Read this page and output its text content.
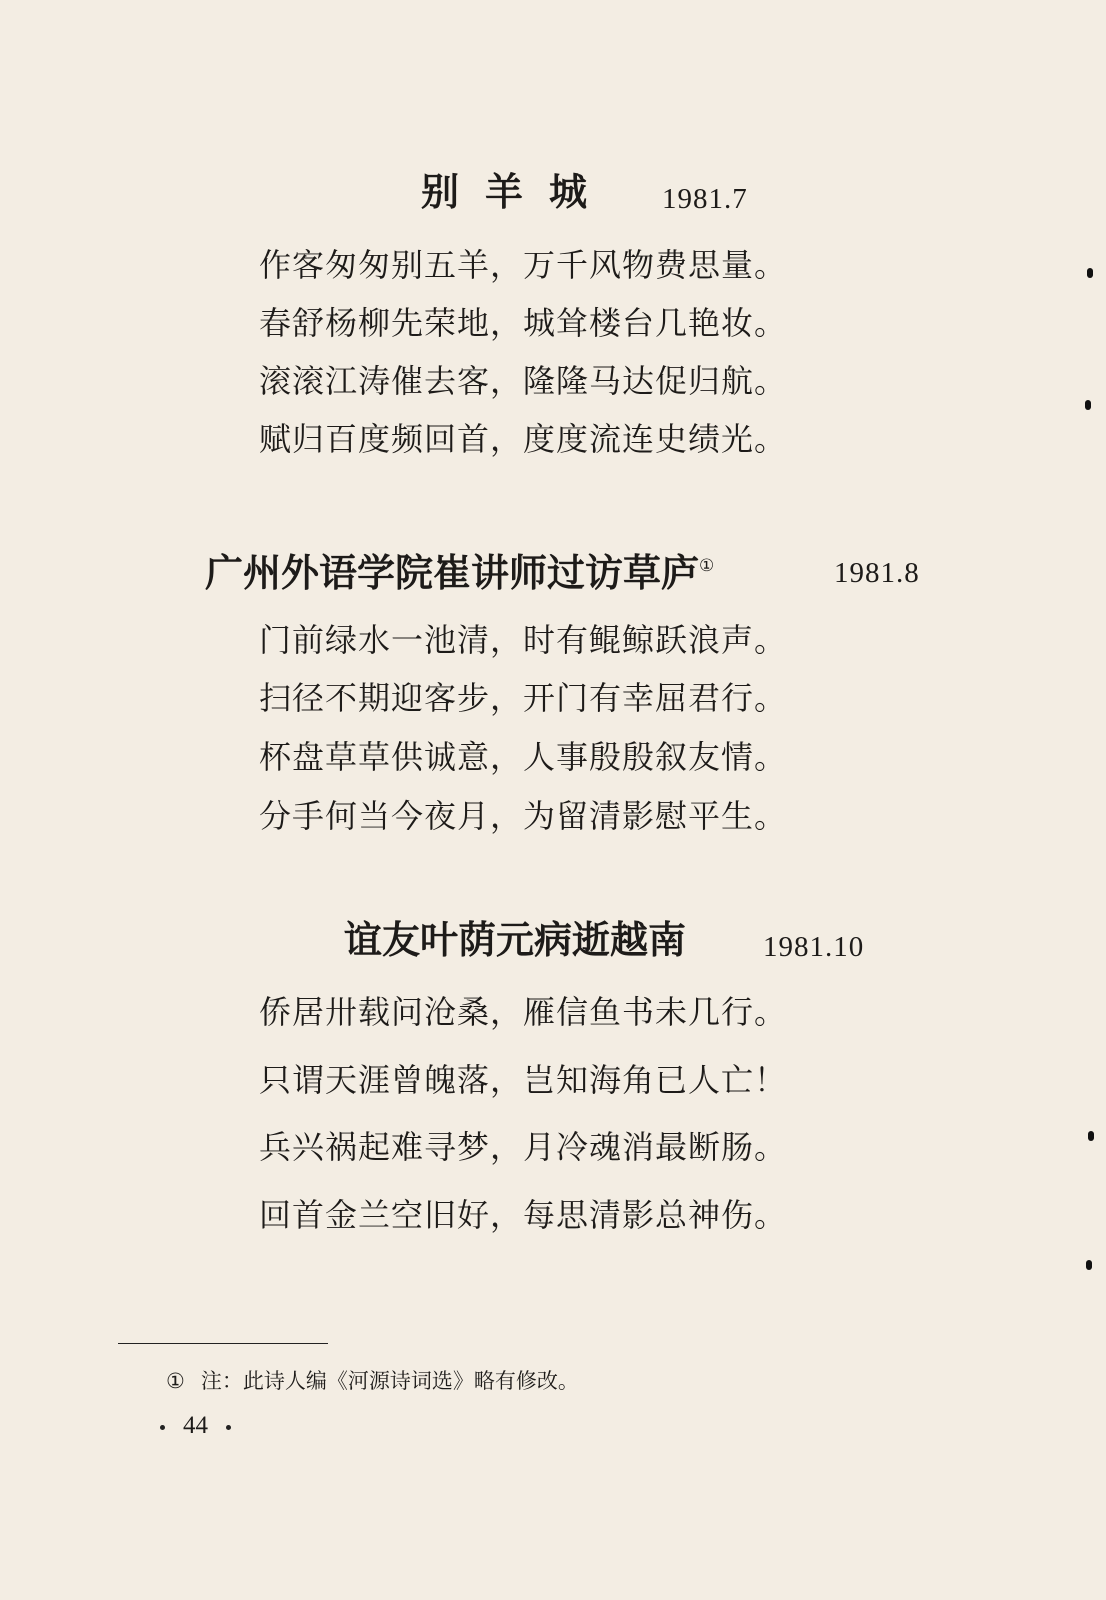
别羊城 1981.7

作客匆匆别五羊，万千风物费思量。

春舒杨柳先荣地，城耸楼台几艳妆。

滚滚江涛催去客，隆隆马达促归航。

赋归百度频回首，度度流连史绩光。

广州外语学院崔讲师过访草庐①	1981.8

门前绿水一池清，时有鲲鲸跃浪声。

扫径不期迎客步，开门有幸屈君行。

杯盘草草供诚意，人事殷殷叙友情。

分手何当今夜月，为留清影慰平生。

谊友叶荫元病逝越南	1981.10

侨居卅载问沧桑，雁信鱼书未几行。

只谓天涯曾魄落，岂知海角已人亡！

兵兴祸起难寻梦，月冷魂消最断肠。

回首金兰空旧好，每思清影总神伤。

① 注：此诗人编《河源诗词选》略有修改。
44
